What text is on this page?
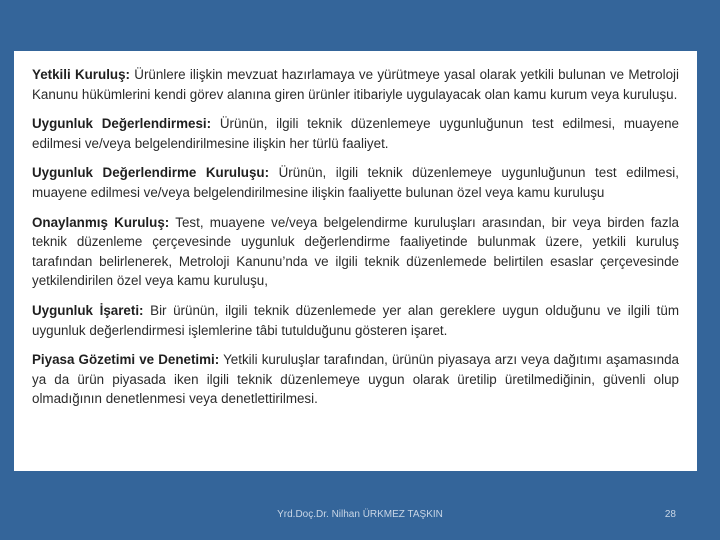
Yetkili Kuruluş: Ürünlere ilişkin mevzuat hazırlamaya ve yürütmeye yasal olarak yetkili bulunan ve Metroloji Kanunu hükümlerini kendi görev alanına giren ürünler itibariyle uygulayacak olan kamu kurum veya kuruluşu.

Uygunluk Değerlendirmesi: Ürünün, ilgili teknik düzenlemeye uygunluğunun test edilmesi, muayene edilmesi ve/veya belgelendirilmesine ilişkin her türlü faaliyet.

Uygunluk Değerlendirme Kuruluşu: Ürünün, ilgili teknik düzenlemeye uygunluğunun test edilmesi, muayene edilmesi ve/veya belgelendirilmesine ilişkin faaliyette bulunan özel veya kamu kuruluşu

Onaylanmış Kuruluş: Test, muayene ve/veya belgelendirme kuruluşları arasından, bir veya birden fazla teknik düzenleme çerçevesinde uygunluk değerlendirme faaliyetinde bulunmak üzere, yetkili kuruluş tarafından belirlenerek, Metroloji Kanunu’nda ve ilgili teknik düzenlemede belirtilen esaslar çerçevesinde yetkilendirilen özel veya kamu kuruluşu,

Uygunluk İşareti: Bir ürünün, ilgili teknik düzenlemede yer alan gereklere uygun olduğunu ve ilgili tüm uygunluk değerlendirmesi işlemlerine tâbi tutulduğunu gösteren işaret.

Piyasa Gözetimi ve Denetimi: Yetkili kuruluşlar tarafından, ürünün piyasaya arzı veya dağıtımı aşamasında ya da ürün piyasada iken ilgili teknik düzenlemeye uygun olarak üretilip üretilmediğinin, güvenli olup olmadığının denetlenmesi veya denetlettirilmesi.

Yrd.Doç.Dr. Nilhan ÜRKMEZ TAŞKIN	28
